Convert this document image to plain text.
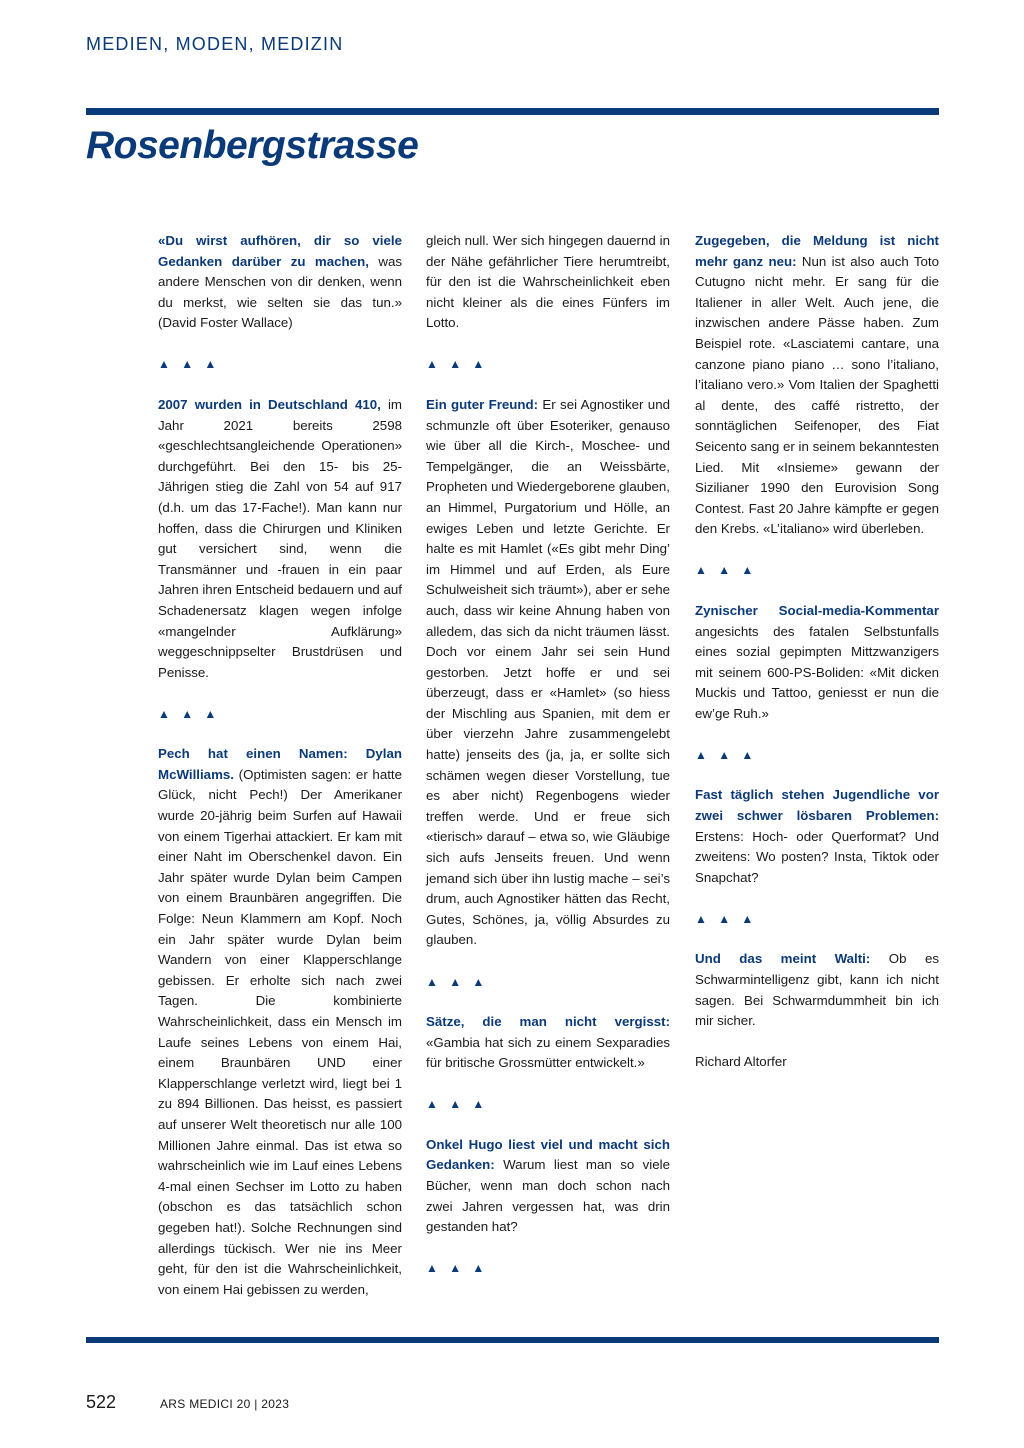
MEDIEN, MODEN, MEDIZIN
Rosenbergstrasse

«Du wirst aufhören, dir so viele Gedanken darüber zu machen, was andere Menschen von dir denken, wenn du merkst, wie selten sie das tun.» (David Foster Wallace)

▲ ▲ ▲

2007 wurden in Deutschland 410, im Jahr 2021 bereits 2598 «geschlechtsangleichende Operationen» durchgeführt. Bei den 15- bis 25-Jährigen stieg die Zahl von 54 auf 917 (d.h. um das 17-Fache!). Man kann nur hoffen, dass die Chirurgen und Kliniken gut versichert sind, wenn die Transmänner und -frauen in ein paar Jahren ihren Entscheid bedauern und auf Schadenersatz klagen wegen infolge «mangelnder Aufklärung» weggeschnippselter Brustdrüsen und Penisse.

▲ ▲ ▲

Pech hat einen Namen: Dylan McWilliams. (Optimisten sagen: er hatte Glück, nicht Pech!) Der Amerikaner wurde 20-jährig beim Surfen auf Hawaii von einem Tigerhai attackiert. Er kam mit einer Naht im Oberschenkel davon. Ein Jahr später wurde Dylan beim Campen von einem Braunbären angegriffen. Die Folge: Neun Klammern am Kopf. Noch ein Jahr später wurde Dylan beim Wandern von einer Klapperschlange gebissen. Er erholte sich nach zwei Tagen. Die kombinierte Wahrscheinlichkeit, dass ein Mensch im Laufe seines Lebens von einem Hai, einem Braunbären UND einer Klapperschlange verletzt wird, liegt bei 1 zu 894 Billionen. Das heisst, es passiert auf unserer Welt theoretisch nur alle 100 Millionen Jahre einmal. Das ist etwa so wahrscheinlich wie im Lauf eines Lebens 4-mal einen Sechser im Lotto zu haben (obschon es das tatsächlich schon gegeben hat!). Solche Rechnungen sind allerdings tückisch. Wer nie ins Meer geht, für den ist die Wahrscheinlichkeit, von einem Hai gebissen zu werden,

gleich null. Wer sich hingegen dauernd in der Nähe gefährlicher Tiere herumtreibt, für den ist die Wahrscheinlichkeit eben nicht kleiner als die eines Fünfers im Lotto.

▲ ▲ ▲

Ein guter Freund: Er sei Agnostiker und schmunzle oft über Esoteriker, genauso wie über all die Kirch-, Moschee- und Tempelgänger, die an Weissbärte, Propheten und Wiedergeborene glauben, an Himmel, Purgatorium und Hölle, an ewiges Leben und letzte Gerichte. Er halte es mit Hamlet («Es gibt mehr Ding’ im Himmel und auf Erden, als Eure Schulweisheit sich träumt»), aber er sehe auch, dass wir keine Ahnung haben von alledem, das sich da nicht träumen lässt. Doch vor einem Jahr sei sein Hund gestorben. Jetzt hoffe er und sei überzeugt, dass er «Hamlet» (so hiess der Mischling aus Spanien, mit dem er über vierzehn Jahre zusammengelebt hatte) jenseits des (ja, ja, er sollte sich schämen wegen dieser Vorstellung, tue es aber nicht) Regenbogens wieder treffen werde. Und er freue sich «tierisch» darauf – etwa so, wie Gläubige sich aufs Jenseits freuen. Und wenn jemand sich über ihn lustig mache – sei’s drum, auch Agnostiker hätten das Recht, Gutes, Schönes, ja, völlig Absurdes zu glauben.

▲ ▲ ▲

Sätze, die man nicht vergisst: «Gambia hat sich zu einem Sexparadies für britische Grossmütter entwickelt.»

▲ ▲ ▲

Onkel Hugo liest viel und macht sich Gedanken: Warum liest man so viele Bücher, wenn man doch schon nach zwei Jahren vergessen hat, was drin gestanden hat?

▲ ▲ ▲

Zugegeben, die Meldung ist nicht mehr ganz neu: Nun ist also auch Toto Cutugno nicht mehr. Er sang für die Italiener in aller Welt. Auch jene, die inzwischen andere Pässe haben. Zum Beispiel rote. «Lasciatemi cantare, una canzone piano piano … sono l’italiano, l’italiano vero.» Vom Italien der Spaghetti al dente, des caffé ristretto, der sonntäglichen Seifenoper, des Fiat Seicento sang er in seinem bekanntesten Lied. Mit «Insieme» gewann der Sizilianer 1990 den Eurovision Song Contest. Fast 20 Jahre kämpfte er gegen den Krebs. «L’italiano» wird überleben.

▲ ▲ ▲

Zynischer Social-media-Kommentar angesichts des fatalen Selbstunfalls eines sozial gepimpten Mittzwanzigers mit seinem 600-PS-Boliden: «Mit dicken Muckis und Tattoo, geniesst er nun die ew’ge Ruh.»

▲ ▲ ▲

Fast täglich stehen Jugendliche vor zwei schwer lösbaren Problemen: Erstens: Hoch- oder Querformat? Und zweitens: Wo posten? Insta, Tiktok oder Snapchat?

▲ ▲ ▲

Und das meint Walti: Ob es Schwarmintelligenz gibt, kann ich nicht sagen. Bei Schwarmdummheit bin ich mir sicher.

Richard Altorfer

522	ARS MEDICI 20 | 2023
